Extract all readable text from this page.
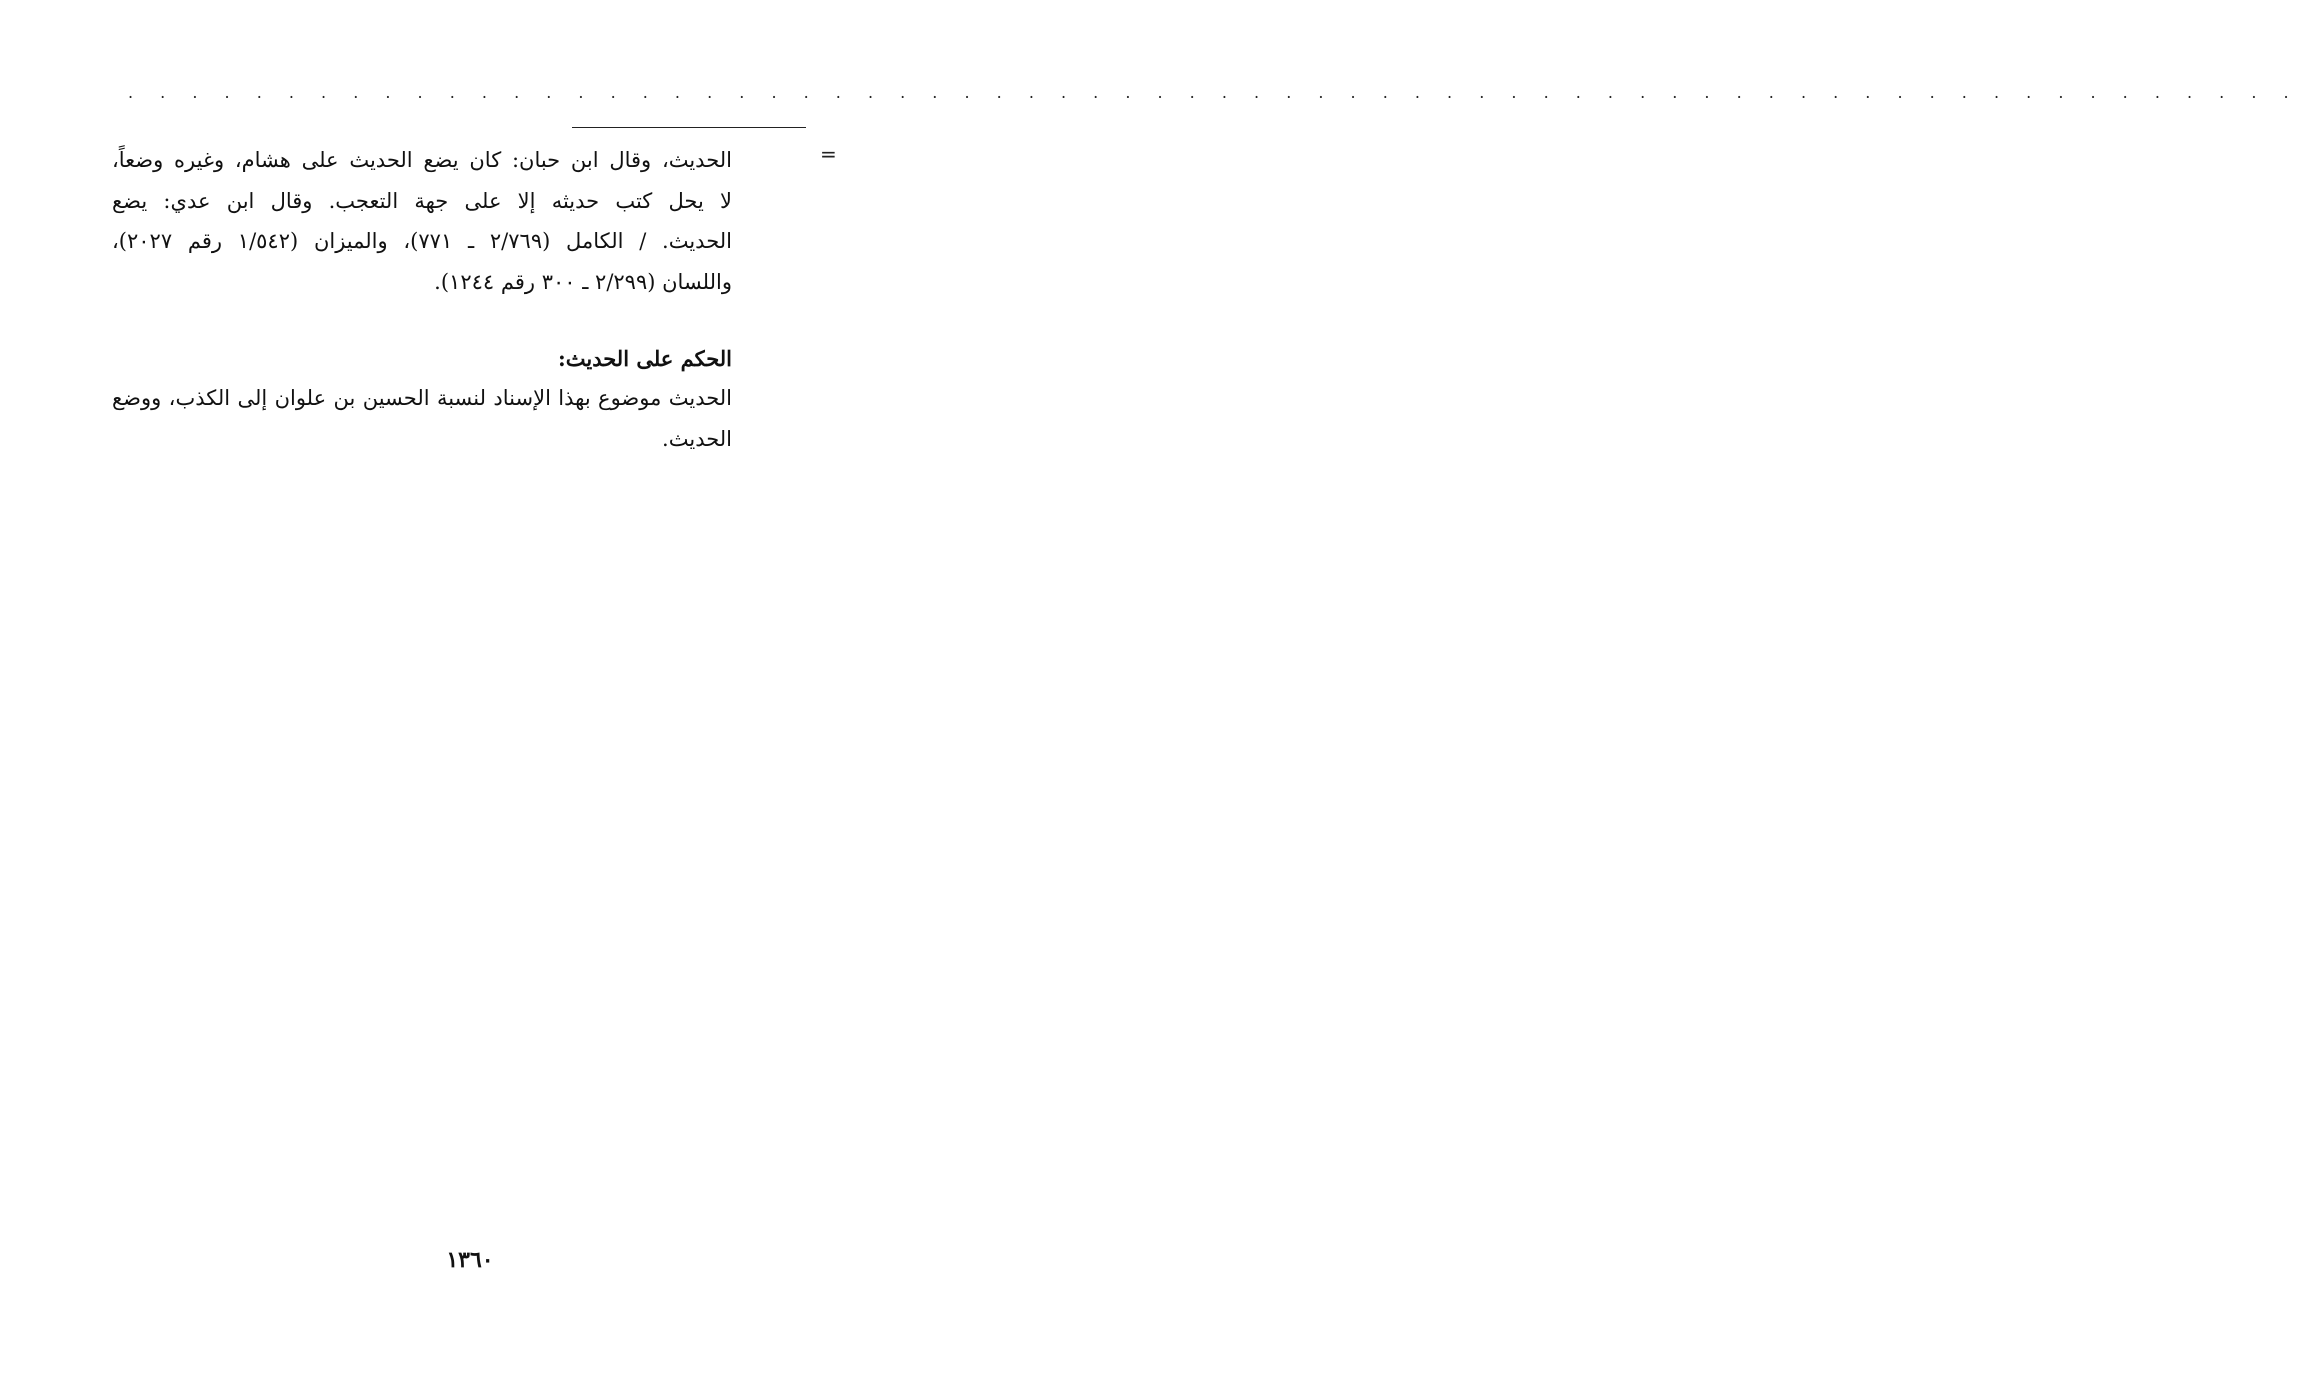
. . . . . . . . . . . . . . . . . . . . . . . . . . . . . . . . . . . . . . . . . . . . . . . . . . . . . . . . . . . . . . . . . . . .
=
الحديث، وقال ابن حبان: كان يضع الحديث على هشام، وغيره وضعاً،
لا يحل كتب حديثه إلا على جهة التعجب. وقال ابن عدي: يضع
الحديث. / الكامل (٢/٧٦٩ ـ ٧٧١)، والميزان (١/٥٤٢ رقم ٢٠٢٧)،
واللسان (٢/٢٩٩ ـ ٣٠٠ رقم ١٢٤٤).
الحكم على الحديث:
الحديث موضوع بهذا الإسناد لنسبة الحسين بن علوان إلى الكذب، ووضع
الحديث.
١٣٦٠
